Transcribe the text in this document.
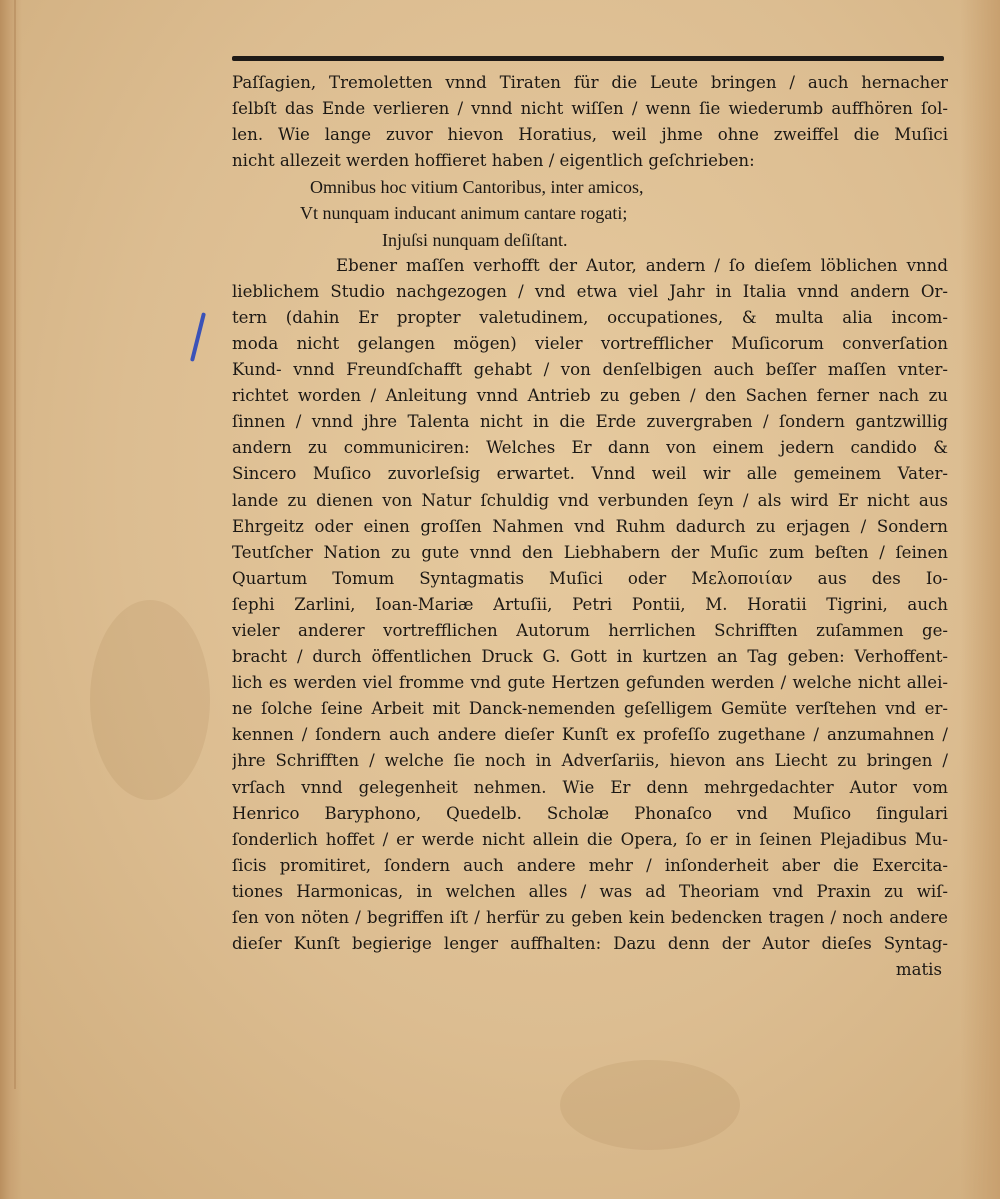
Paſſagien, Tremoletten vnnd Tiraten für die Leute bringen / auch hernacher
ſelbſt das Ende verlieren / vnnd nicht wiſſen / wenn ſie wiederumb auffhören ſol-
len. Wie lange zuvor hievon Horatius, weil jhme ohne zweiffel die Muſici
nicht allezeit werden hoffieret haben / eigentlich geſchrieben:
Omnibus hoc vitium Cantoribus, inter amicos,
Vt nunquam inducant animum cantare rogati;
Injuſsi nunquam deſiſtant.
Ebener maſſen verhofft der Autor, andern / ſo dieſem löblichen vnnd
lieblichem Studio nachgezogen / vnd etwa viel Jahr in Italia vnnd andern Or-
tern (dahin Er propter valetudinem, occupationes, & multa alia incom-
moda nicht gelangen mögen) vieler vortrefflicher Muſicorum converſation
Kund- vnnd Freundſchafft gehabt / von denſelbigen auch beſſer maſſen vnter-
richtet worden / Anleitung vnnd Antrieb zu geben / den Sachen ferner nach zu
ſinnen / vnnd jhre Talenta nicht in die Erde zuvergraben / ſondern gantzwillig
andern zu communiciren: Welches Er dann von einem jedern candido &
Sincero Muſico zuvorleſsig erwartet. Vnnd weil wir alle gemeinem Vater-
lande zu dienen von Natur ſchuldig vnd verbunden ſeyn / als wird Er nicht aus
Ehrgeitz oder einen groſſen Nahmen vnd Ruhm dadurch zu erjagen / Sondern
Teutſcher Nation zu gute vnnd den Liebhabern der Muſic zum beſten / ſeinen
Quartum Tomum Syntagmatis Muſici oder Μελοποιίαν aus des Io-
ſephi Zarlini, Ioan-Mariæ Artuſii, Petri Pontii, M. Horatii Tigrini, auch
vieler anderer vortrefflichen Autorum herrlichen Schrifften zuſammen ge-
bracht / durch öffentlichen Druck G. Gott in kurtzen an Tag geben: Verhoffent-
lich es werden viel fromme vnd gute Hertzen gefunden werden / welche nicht allei-
ne ſolche ſeine Arbeit mit Danck-nemenden geſelligem Gemüte verſtehen vnd er-
kennen / ſondern auch andere dieſer Kunſt ex profeſſo zugethane / anzumahnen /
jhre Schrifften / welche ſie noch in Adverſariis, hievon ans Liecht zu bringen /
vrſach vnnd gelegenheit nehmen. Wie Er denn mehrgedachter Autor vom
Henrico Baryphono, Quedelb. Scholæ Phonaſco vnd Muſico ſingulari
ſonderlich hoffet / er werde nicht allein die Opera, ſo er in ſeinen Plejadibus Mu-
ſicis promitiret, ſondern auch andere mehr / inſonderheit aber die Exercita-
tiones Harmonicas, in welchen alles / was ad Theoriam vnd Praxin zu wiſ-
ſen von nöten / begriffen iſt / herfür zu geben kein bedencken tragen / noch andere
dieſer Kunſt begierige lenger auffhalten: Dazu denn der Autor dieſes Syntag-
matis
